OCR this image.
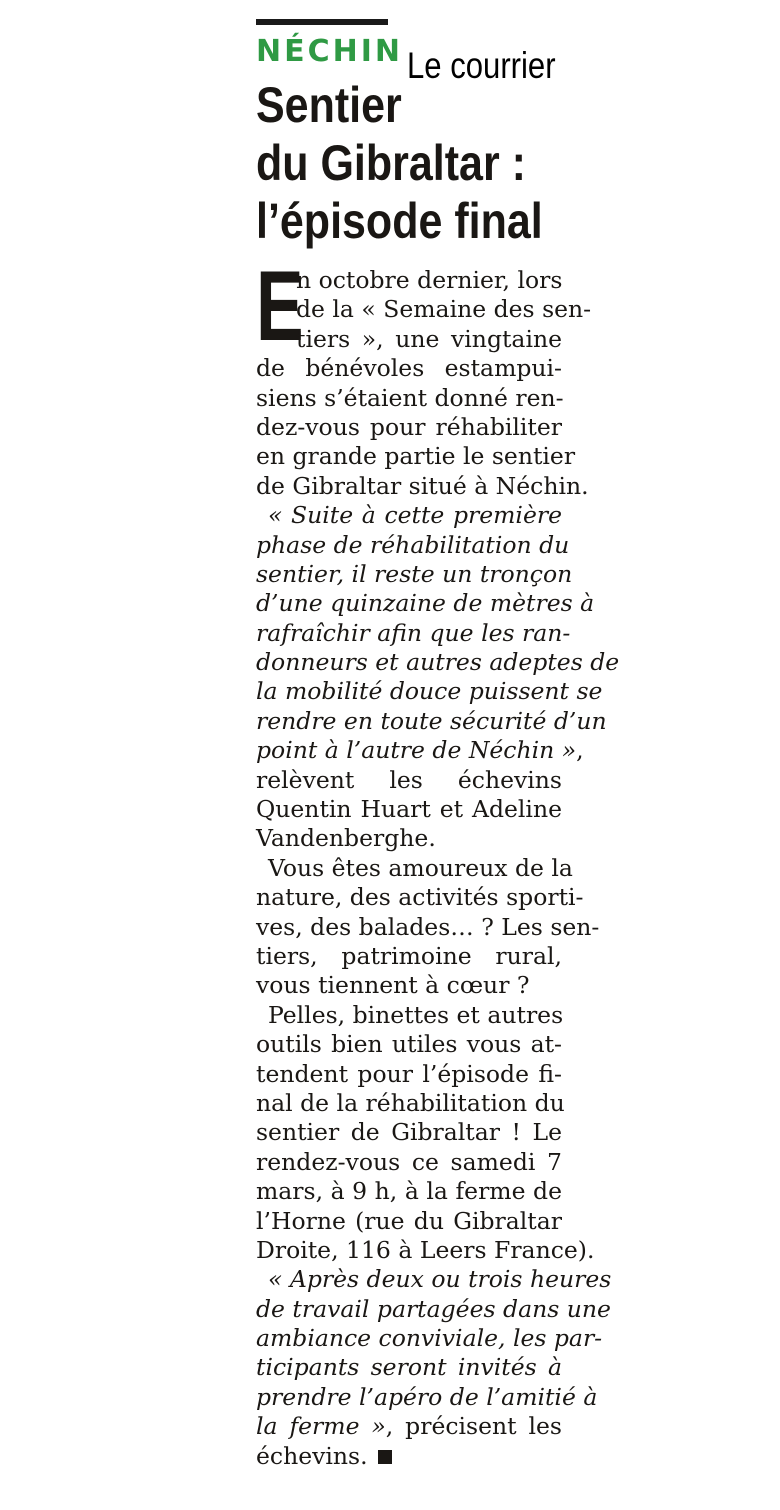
NÉCHIN Le courrier
Sentier
du Gibraltar :
l’épisode final
E
n octobre dernier, lors
de la « Semaine des sen-
tiers », une vingtaine
de bénévoles estampui-
siens s’étaient donné ren-
dez-vous pour réhabiliter
en grande partie le sentier
de Gibraltar situé à Néchin.
« Suite à cette première
phase de réhabilitation du
sentier, il reste un tronçon
d’une quinzaine de mètres à
rafraîchir afin que les ran-
donneurs et autres adeptes de
la mobilité douce puissent se
rendre en toute sécurité d’un
point à l’autre de Néchin »,
relèvent les échevins
Quentin Huart et Adeline
Vandenberghe.
Vous êtes amoureux de la
nature, des activités sporti-
ves, des balades… ? Les sen-
tiers, patrimoine rural,
vous tiennent à cœur ?
Pelles, binettes et autres
outils bien utiles vous at-
tendent pour l’épisode fi-
nal de la réhabilitation du
sentier de Gibraltar ! Le
rendez-vous ce samedi 7
mars, à 9 h, à la ferme de
l’Horne (rue du Gibraltar
Droite, 116 à Leers France).
« Après deux ou trois heures
de travail partagées dans une
ambiance conviviale, les par-
ticipants seront invités à
prendre l’apéro de l’amitié à
la ferme », précisent les
échevins.
